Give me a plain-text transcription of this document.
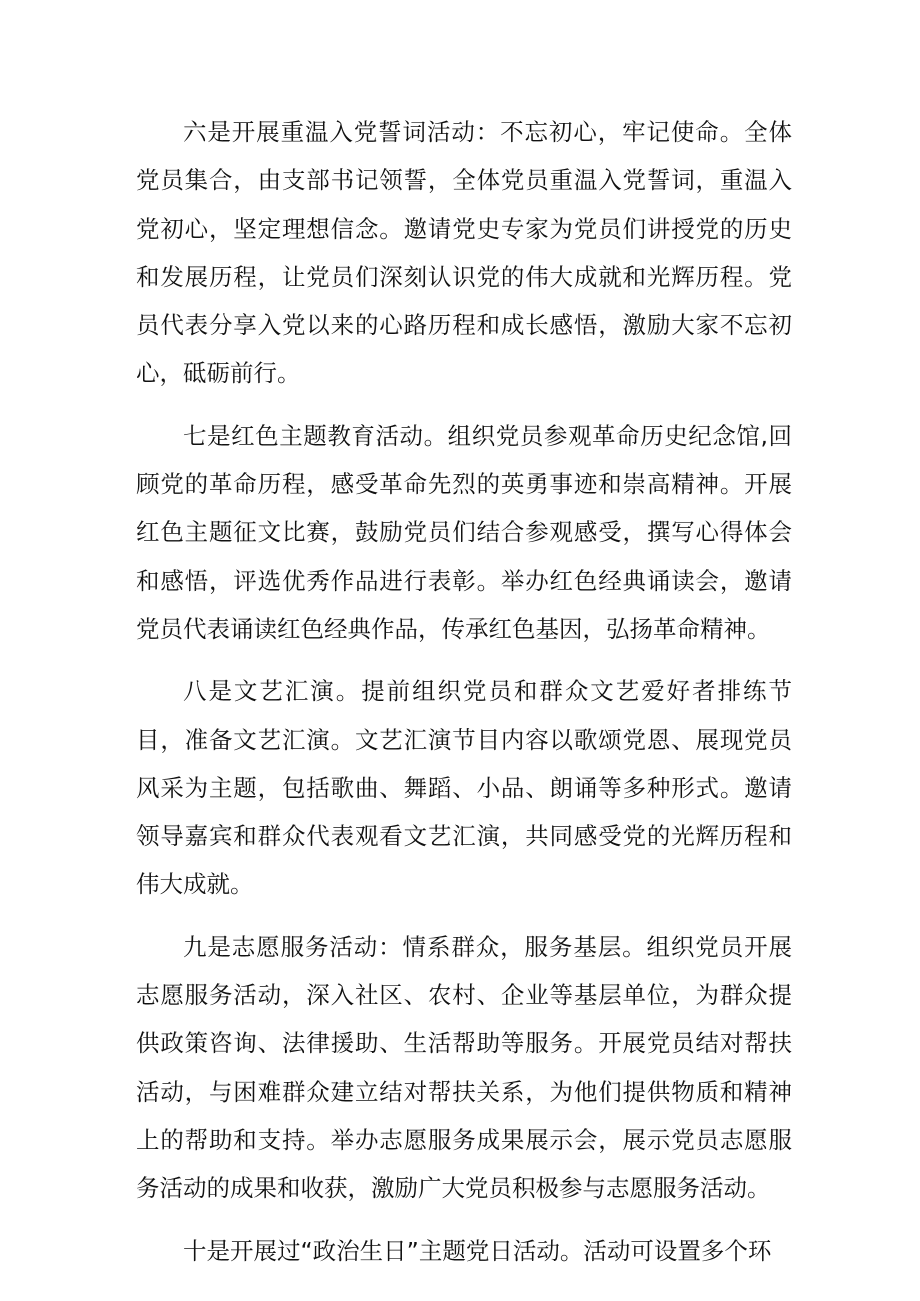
六是开展重温入党誓词活动：不忘初心，牢记使命。全体党员集合，由支部书记领誓，全体党员重温入党誓词，重温入党初心，坚定理想信念。邀请党史专家为党员们讲授党的历史和发展历程，让党员们深刻认识党的伟大成就和光辉历程。党员代表分享入党以来的心路历程和成长感悟，激励大家不忘初心，砥砺前行。

七是红色主题教育活动。组织党员参观革命历史纪念馆,回顾党的革命历程，感受革命先烈的英勇事迹和崇高精神。开展红色主题征文比赛，鼓励党员们结合参观感受，撰写心得体会和感悟，评选优秀作品进行表彰。举办红色经典诵读会，邀请党员代表诵读红色经典作品，传承红色基因，弘扬革命精神。

八是文艺汇演。提前组织党员和群众文艺爱好者排练节目，准备文艺汇演。文艺汇演节目内容以歌颂党恩、展现党员风采为主题，包括歌曲、舞蹈、小品、朗诵等多种形式。邀请领导嘉宾和群众代表观看文艺汇演，共同感受党的光辉历程和伟大成就。

九是志愿服务活动：情系群众，服务基层。组织党员开展志愿服务活动，深入社区、农村、企业等基层单位，为群众提供政策咨询、法律援助、生活帮助等服务。开展党员结对帮扶活动，与困难群众建立结对帮扶关系，为他们提供物质和精神上的帮助和支持。举办志愿服务成果展示会，展示党员志愿服务活动的成果和收获，激励广大党员积极参与志愿服务活动。

十是开展过“政治生日”主题党日活动。活动可设置多个环
